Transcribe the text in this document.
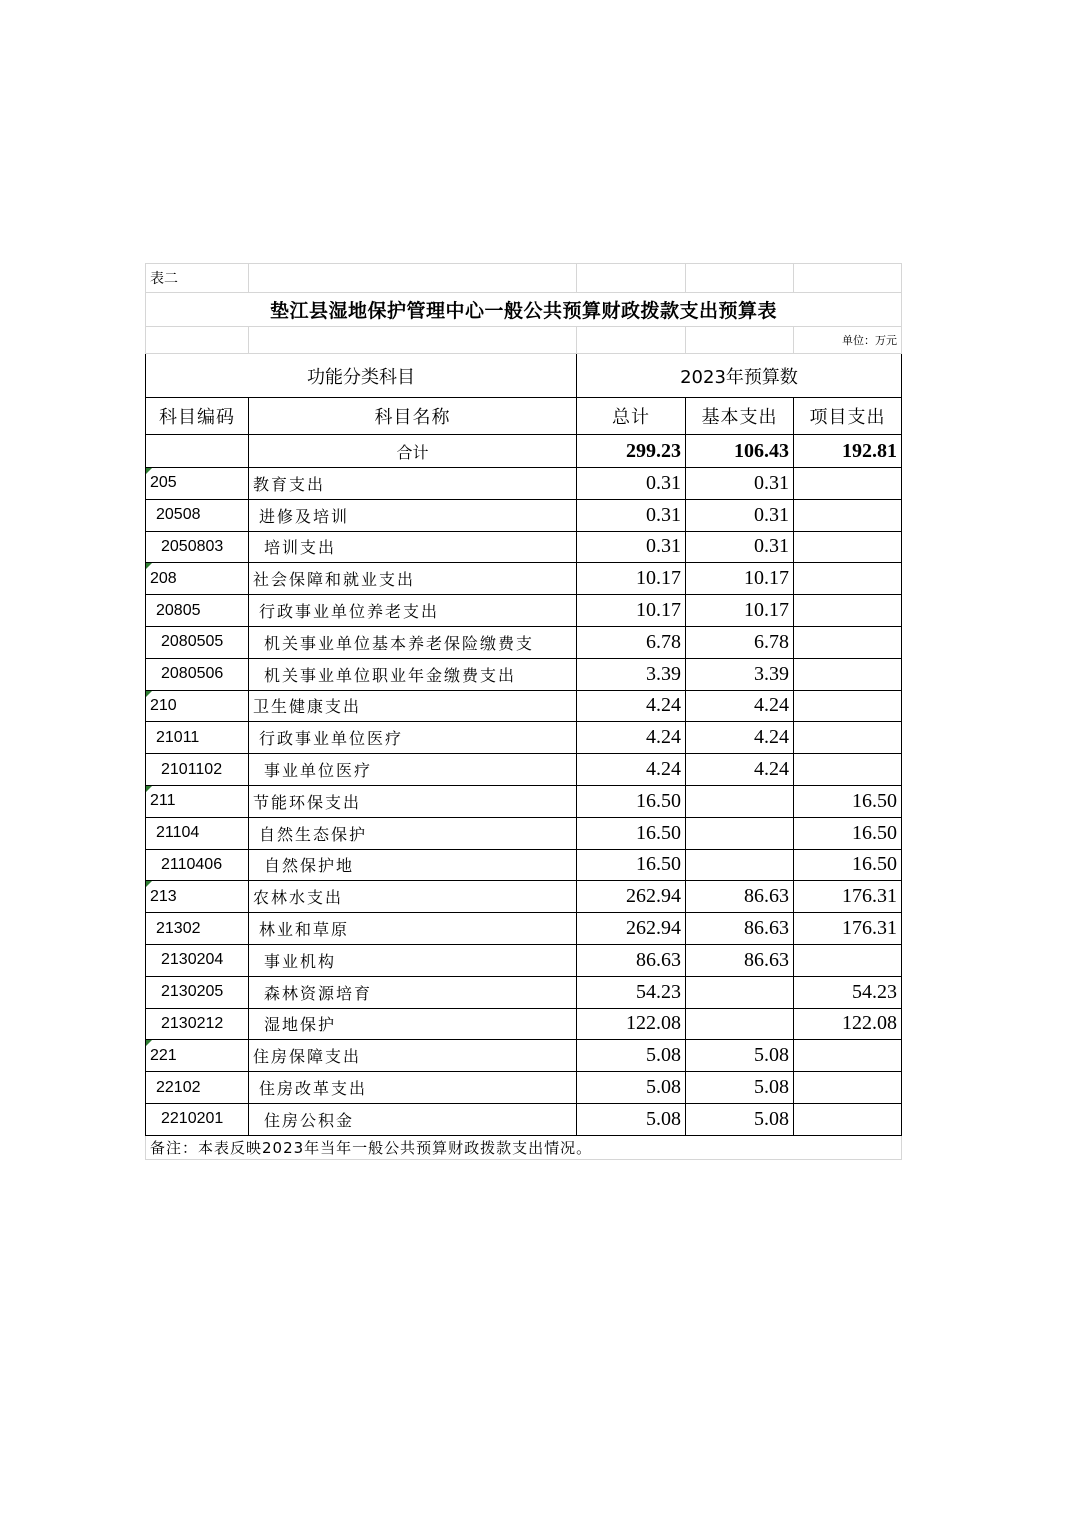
表二				
垫江县湿地保护管理中心一般公共预算财政拨款支出预算表				
				单位：万元
功能分类科目		2023年预算数		
科目编码	科目名称	总计	基本支出	项目支出
	合计	299.23	106.43	192.81
205	教育支出	0.31	0.31	
20508	进修及培训	0.31	0.31	
2050803	培训支出	0.31	0.31	
208	社会保障和就业支出	10.17	10.17	
20805	行政事业单位养老支出	10.17	10.17	
2080505	机关事业单位基本养老保险缴费支	6.78	6.78	
2080506	机关事业单位职业年金缴费支出	3.39	3.39	
210	卫生健康支出	4.24	4.24	
21011	行政事业单位医疗	4.24	4.24	
2101102	事业单位医疗	4.24	4.24	
211	节能环保支出	16.50		16.50
21104	自然生态保护	16.50		16.50
2110406	自然保护地	16.50		16.50
213	农林水支出	262.94	86.63	176.31
21302	林业和草原	262.94	86.63	176.31
2130204	事业机构	86.63	86.63	
2130205	森林资源培育	54.23		54.23
2130212	湿地保护	122.08		122.08
221	住房保障支出	5.08	5.08	
22102	住房改革支出	5.08	5.08	
2210201	住房公积金	5.08	5.08	
备注：本表反映2023年当年一般公共预算财政拨款支出情况。				
